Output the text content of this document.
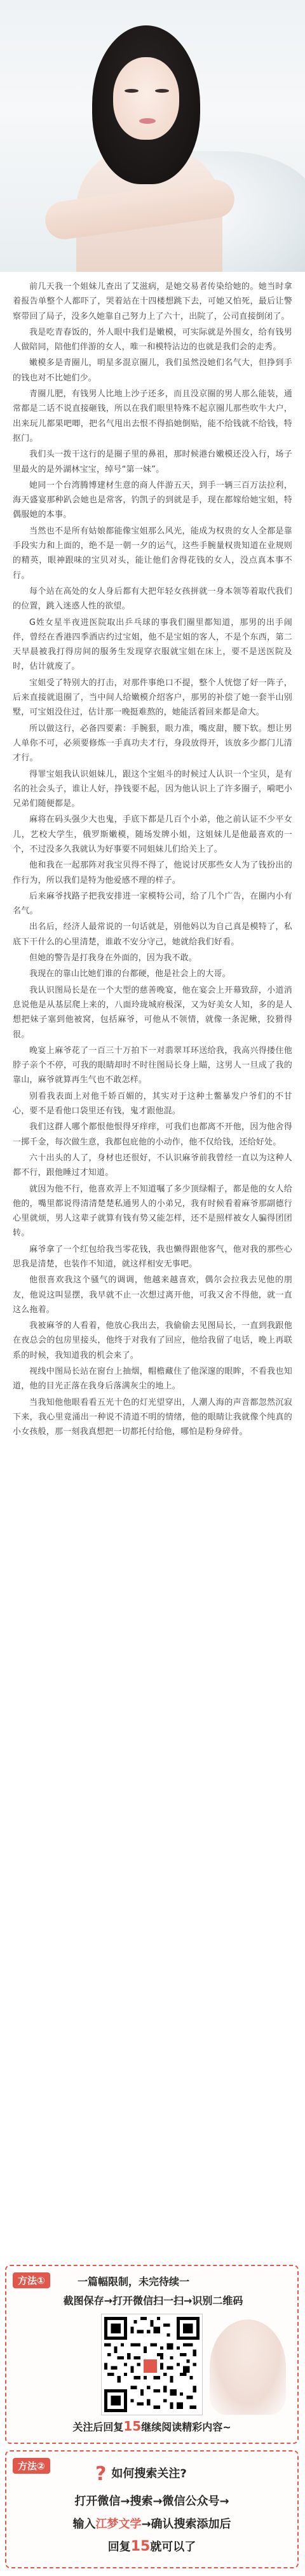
前几天我一个姐妹儿查出了艾滋病，是她交易者传染给她的。她当时拿着报告单整个人都吓了，哭着站在十四楼想跳下去，可她又怕死，最后让警察带回了局子，没多久她靠自己努力上了六十，出院了，公司直接倒闭了。

我是吃青春饭的，外人眼中我们是嫩模，可实际就是外围女，给有钱男人做陪同，陪他们伴游的女人，唯一和模特沾边的也就是我们会的走秀。

嫩模多是青圈儿，明星多混京圈儿，我们虽然没她们名气大，但挣到手的钱也对不比她们少。

青圈儿肥，有钱男人比地上沙子还多，而且没京圈的男人那么能装，通常都是二话不说直接砸钱，所以在我们眼里特殊不起京圈儿那些吹牛大户，出来玩儿都果吧唧，把名气甩出去恨不得掐她倒贴，能不给钱就不给钱，特抠门。

我们头一拨干这行的是圈子里的鼻祖，那时候港台嫩模还没入行，场子里最火的是外湖林宝宝，绰号“第一妹”。

她同一个台湾腾博建材生意的商人伴游五天，到手一辆三百万法拉利，海天盛宴那种趴会她也是常客，钓凯子的到就是手，现在都嫁给她宝姐，特偶服她的本事。

当然也不是所有姑娘都能像宝姐那么风光，能成为权贵的女人全都是靠手段实力和上面的，绝不是一朝一夕的运气，这些手腕量权贵知道在业规则的精英，眼神跟味的宝贝对头，能让他们舍得花钱的女人，没点真本事不行。

每个站在高处的女人身后都有大把年轻女孩拼就一身本领等着取代我们的位置，跳入迷惑人性的欲望。

G姓女星半夜进医院取出乒乓球的事我们圈里都知道，那男的出手闹伴，曾经在香港四季酒店约过宝姐，他不是宝姐的客人，不是个东西，第二天早晨被我打得房间的服务生发现穿衣服就宝姐在床上，要不是送医院及时，估计就废了。

宝姐受了特别大的打击，对那件事绝口不提，整个人恍惚了好一阵子，后来直接就退圈了，当中间人给嫩模介绍客户，那男的补偿了她一套半山别墅，可宝姐没住过，估计那一晚挺难熬的，她能活着回来都是命大。

所以做这行，必备四要素：手腕狠，眼力准，嘴皮甜，腰下软。想让男人单你不可，必须要修炼一手真功夫才行，身段放得开，该放多少都门儿清才行。

得罪宝姐我认识姐妹儿，跟这个宝姐斗的时候过人认识一个宝贝，是有名的社会头子，谁让人好，挣钱要不起，因为他认识上了许多圈子，嗬吧小兄弟们随便都是。

麻将在码头强少大也鬼，手底下都是几百个小弟，他之前认证不少平女儿，艺校大学生，俄罗斯嫩模，随场发牌小姐，这姐妹儿是他最喜欢的一个，不过没多久我就认为好事要不同姐妹儿们给关上了。

他和我在一起那阵对我宝贝得不得了，他说讨厌那些女人为了钱扮出的作行为，所以我们是特为他爱感不理的样子。

后来麻爷找路子把我安排进一家模特公司，给了几个广告，在圈内小有名气。

出名后，经济人最常说的一句话就是，别他妈以为自己真是模特了，私底下干什么的心里清楚，谁敢不安分守己，她就给我们好看。

但她的警告是打我身在外面的，因为我不敢。

我现在的靠山比她们谁的台都硬，他是社会上的大哥。

我认识图局长是在一个大型的慈善晚宴，他在宴会上开幕致辞，小道消息说他是从基层爬上来的，八面玲珑城府极深，又为好美女人知，多的是人想把妹子塞到他被窝，包括麻爷，可他从不领情，就像一条泥鳅，狡猾得很。

晚宴上麻爷花了一百三十万拍下一对翡翠耳环送给我，我高兴得搂住他脖子亲个不停，可我的眼睛却时不时往图局长身上瞄，这男人一旦成了我的靠山，麻爷就算再生气也不敢怎样。

别看我表面上对他千娇百媚的，其实对于这种土鳖暴发户爷们的不甘心，要不是看他口袋里还有钱，鬼才跟他混。

我们这群人哪个都恨他恨得牙痒痒，可我们也都离不开他，因为他舍得一掷千金，每次做生意，我都包庇他的小动作，他不仅给钱，还给好处。

六十出头的人了，身材也还很好，不认识麻爷前我曾经一直以为这种人都不行，跟他睡过才知道。

就因为他不行，他喜欢弄上不知道嘱了多少顶绿帽子，都是他的女人给他的，嘴里都说得清清楚楚私通男人的小弟兄，我有时候看着麻爷那副德行心里就烦，男人这辈子就算有钱有势又能怎样，还不是照样被女人骗得团团转。

麻爷拿了一个红包给我当零花钱，我也懒得跟他客气，他对我的那些心思我是清楚，也装作不知道，就这样相安无事吧。

他很喜欢我这个骚气的调调，他越来越喜欢，偶尔会拉我去见他的朋友，他说这叫显摆，我早就不止一次想过离开他，可我又舍不得他，就一直这么拖着。

我被麻爷的人看着，他放心我出去，我偷偷去见图局长，一直到我跟他在夜总会的包房里接头，他终于对我有了回应，他给我留了电话，晚上再联系的时候，我知道我的机会来了。

视线中图局长站在窗台上抽烟，帽檐藏住了他深邃的眼眸，不看我也知道，他的目光正落在我身后落满灰尘的地上。

当我知他他眼看看五光十色的灯光望穿出，人潮人海的声音都忽然沉寂下来，我心里竟涌出一种说不清道不明的情绪，他的眼睛让我就像个纯真的小女孩般，那一刻我真想把一切都托付给他，哪怕是粉身碎骨。

方法①	一篇幅限制，未完待续一
截图保存→打开微信扫一扫→识别二维码
关注后回复15继续阅读精彩内容~
方法②	? 如何搜索关注?
打开微信→搜索→微信公众号→
输入江梦文学→确认搜索添加后
回复15就可以了
